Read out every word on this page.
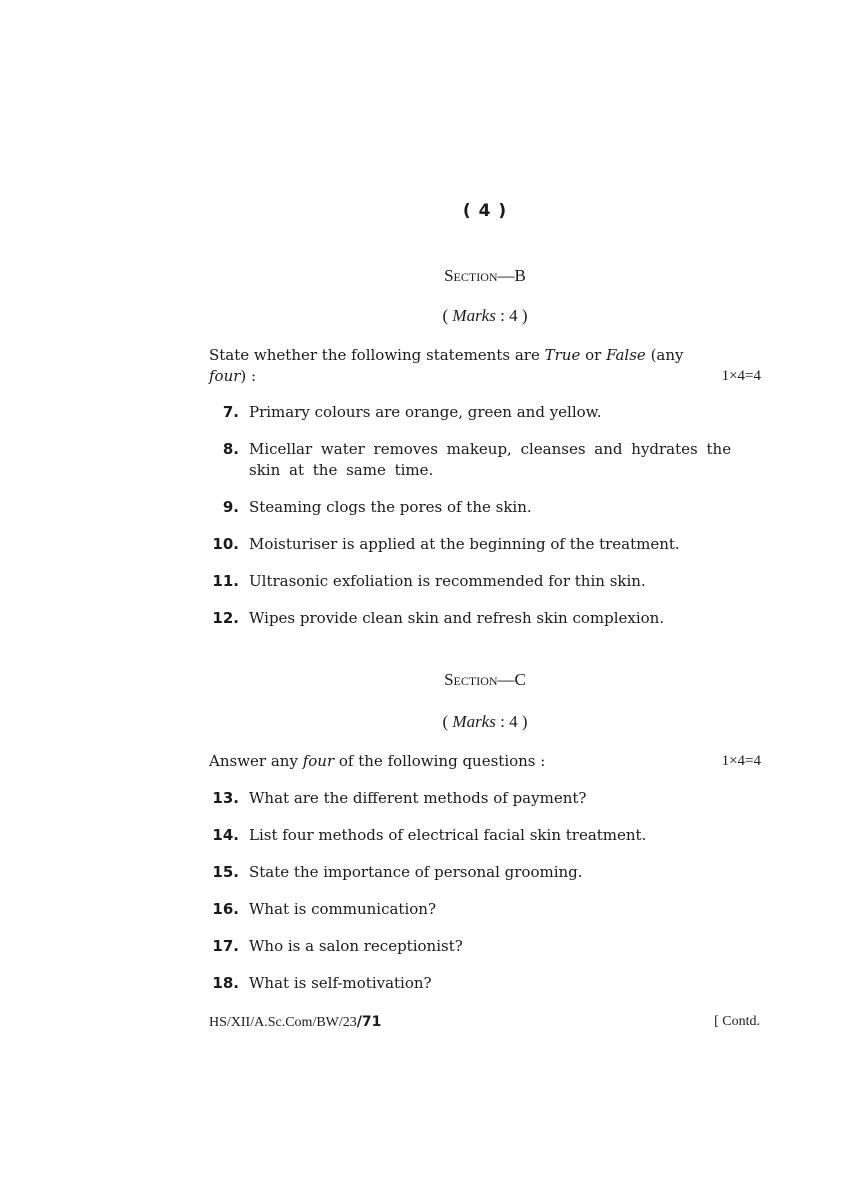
( 4 )
Section—B
( Marks : 4 )
State whether the following statements are True or False (any
four) :	1×4=4
7. Primary colours are orange, green and yellow.
8. Micellar water removes makeup, cleanses and hydrates the skin at the same time.
9. Steaming clogs the pores of the skin.
10. Moisturiser is applied at the beginning of the treatment.
11. Ultrasonic exfoliation is recommended for thin skin.
12. Wipes provide clean skin and refresh skin complexion.
Section—C
( Marks : 4 )
Answer any four of the following questions :	1×4=4
13. What are the different methods of payment?
14. List four methods of electrical facial skin treatment.
15. State the importance of personal grooming.
16. What is communication?
17. Who is a salon receptionist?
18. What is self-motivation?
HS/XII/A.Sc.Com/BW/23/71	[ Contd.
